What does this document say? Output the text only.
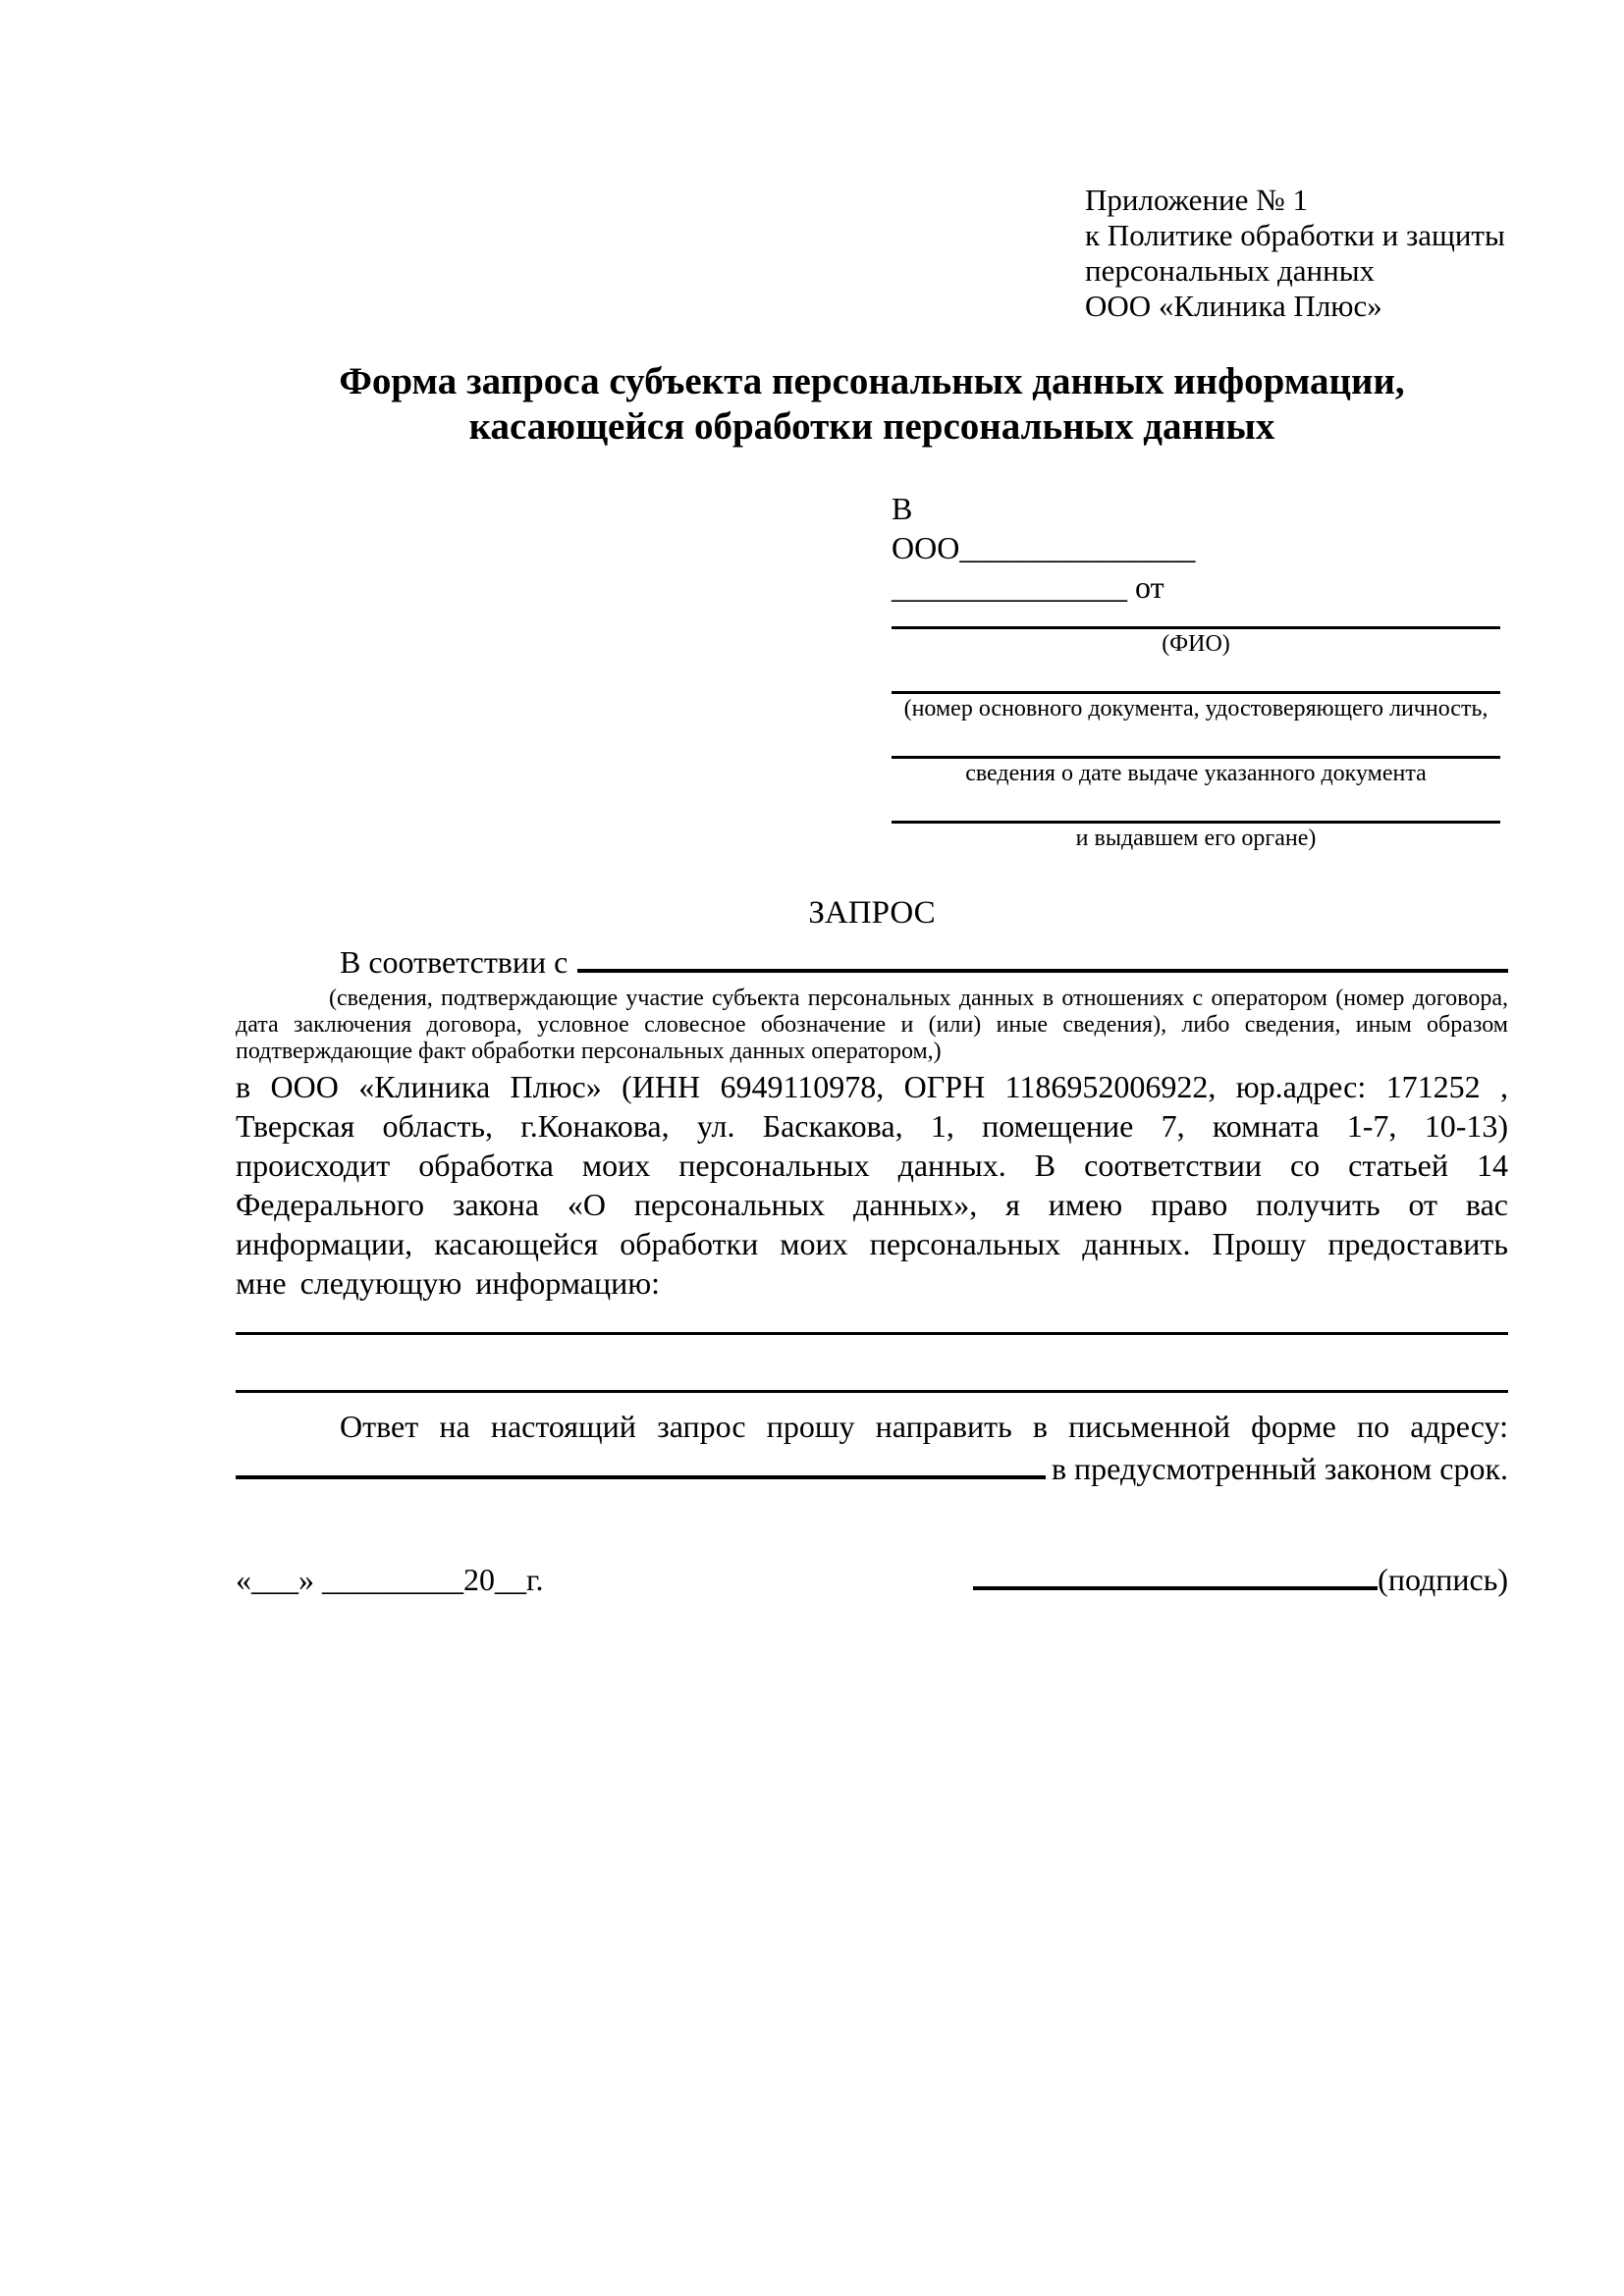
Приложение № 1
к Политике обработки и защиты
персональных данных
ООО «Клиника Плюс»
Форма запроса субъекта персональных данных информации,
касающейся обработки персональных данных
В
ООО_______________
_______________ от
(ФИО)
(номер основного документа, удостоверяющего личность,
сведения о дате выдаче указанного документа
и выдавшем его органе)
ЗАПРОС
В соответствии с
(сведения, подтверждающие участие субъекта персональных данных в отношениях с оператором (номер договора, дата заключения договора, условное словесное обозначение и (или) иные сведения), либо сведения, иным образом подтверждающие факт обработки персональных данных оператором,)
в ООО «Клиника Плюс» (ИНН 6949110978, ОГРН 1186952006922, юр.адрес: 171252 , Тверская область, г.Конакова, ул. Баскакова, 1, помещение 7, комната 1-7, 10-13) происходит обработка моих персональных данных. В соответствии со статьей 14 Федерального закона «О персональных данных», я имею право получить от вас информации, касающейся обработки моих персональных данных. Прошу предоставить мне следующую информацию:
Ответ на настоящий запрос прошу направить в письменной форме по адресу:
в предусмотренный законом срок.
«___» _________20__г.	(подпись)
